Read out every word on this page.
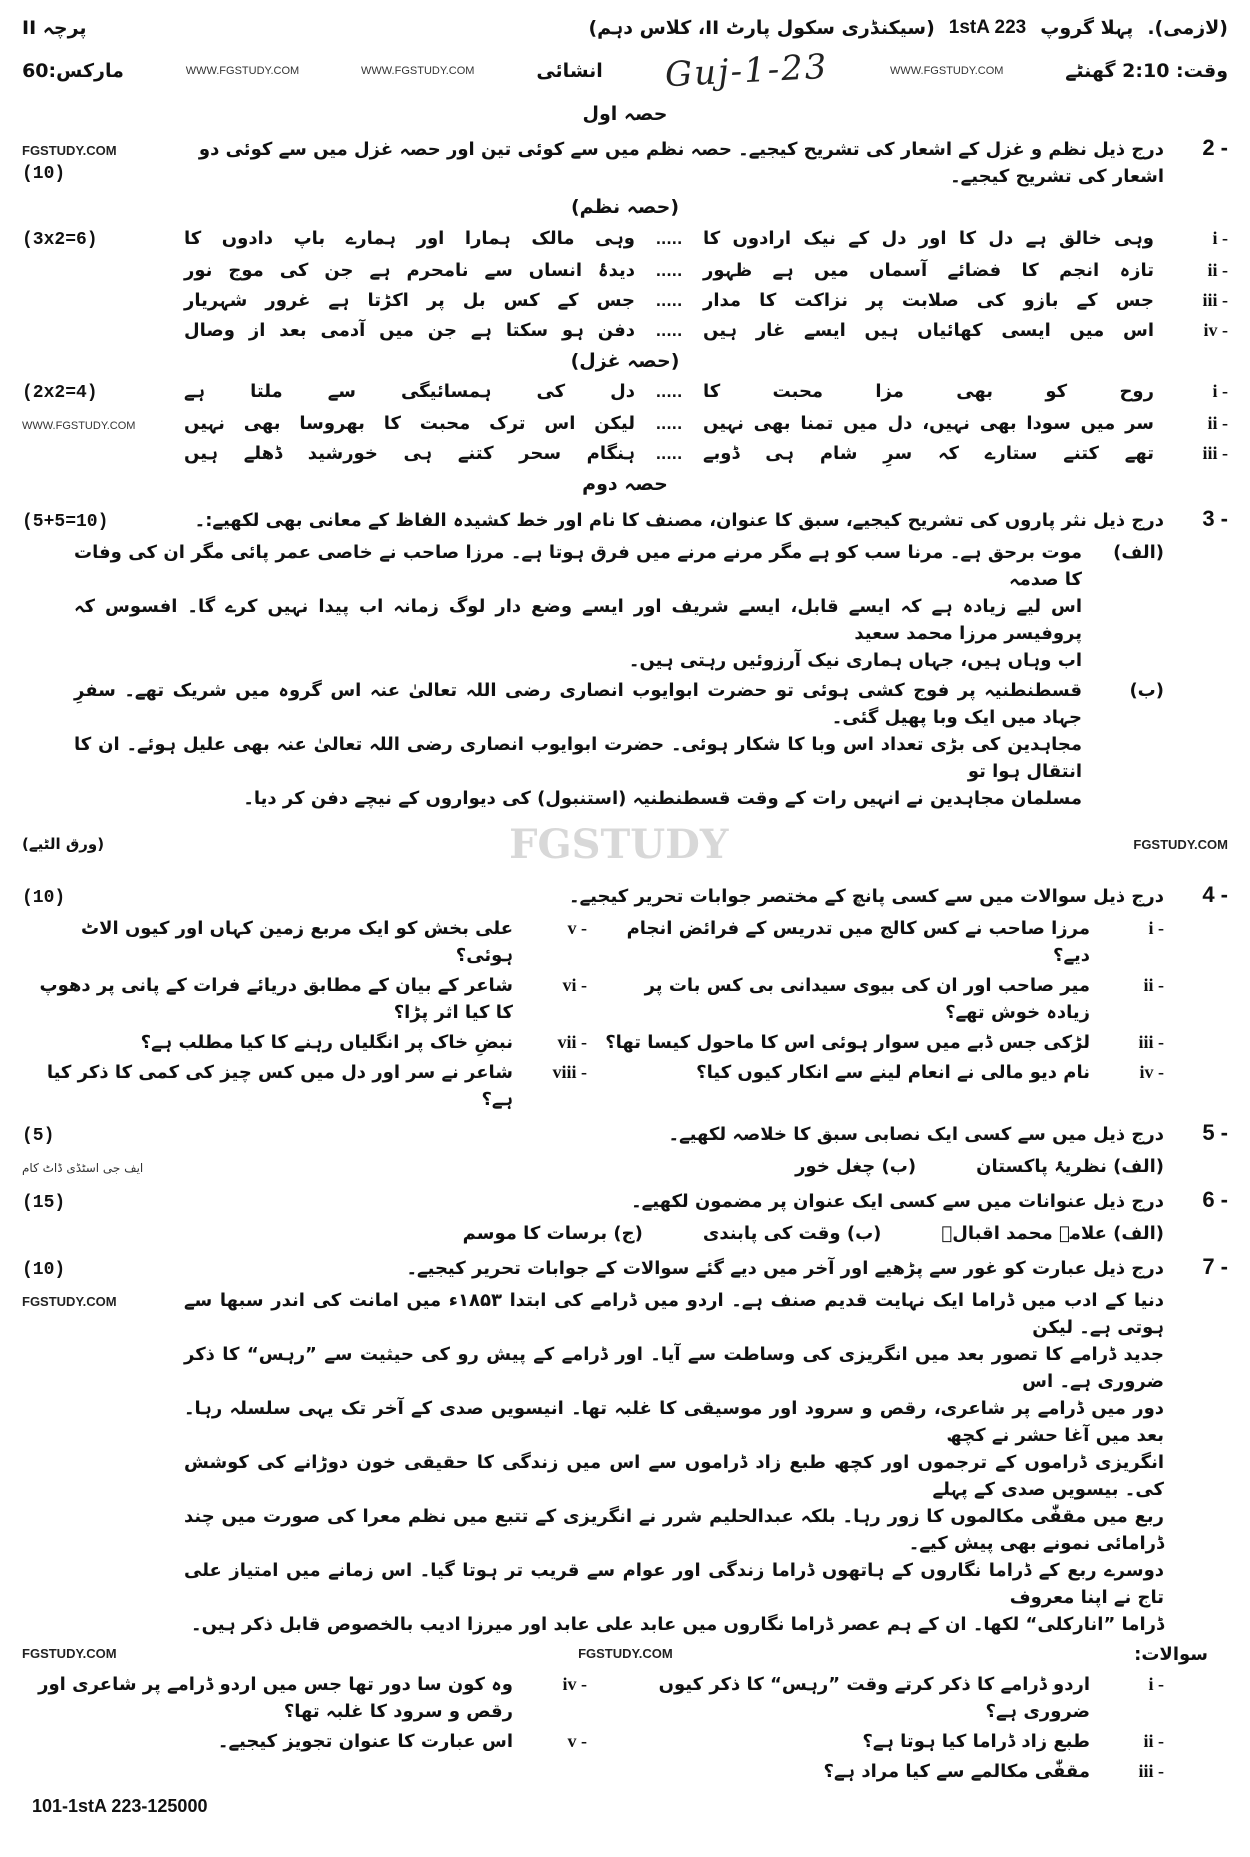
(لازمی).
پہلا گروپ
1stA 223
(سیکنڈری سکول پارٹ II، کلاس دہم)
پرچہ II
وقت: 2:10 گھنٹے
WWW.FGSTUDY.COM
Guj-1-23
انشائی
WWW.FGSTUDY.COM
WWW.FGSTUDY.COM
مارکس:60
حصہ اول
2 -
درج ذیل نظم و غزل کے اشعار کی تشریح کیجیے۔ حصہ نظم میں سے کوئی تین اور حصہ غزل میں سے کوئی دو اشعار کی تشریح کیجیے۔
FGSTUDY.COM
(10)
(حصہ نظم)
i -
وہی خالق ہے دل کا اور دل کے نیک ارادوں کا
.....
وہی مالک ہمارا اور ہمارے باپ دادوں کا
(3x2=6)
ii -
تازہ انجم کا فضائے آسماں میں ہے ظہور
.....
دیدۂ انساں سے نامحرم ہے جن کی موج نور
iii -
جس کے بازو کی صلابت پر نزاکت کا مدار
.....
جس کے کس بل پر اکڑتا ہے غرور شہریار
iv -
اس میں ایسی کھائیاں ہیں ایسے غار ہیں
.....
دفن ہو سکتا ہے جن میں آدمی بعد از وصال
(حصہ غزل)
i -
روح کو بھی مزا محبت کا
.....
دل کی ہمسائیگی سے ملتا ہے
(2x2=4)
ii -
سر میں سودا بھی نہیں، دل میں تمنا بھی نہیں
.....
لیکن اس ترک محبت کا بھروسا بھی نہیں
WWW.FGSTUDY.COM
iii -
تھے کتنے ستارے کہ سرِ شام ہی ڈوبے
.....
ہنگام سحر کتنے ہی خورشید ڈھلے ہیں
حصہ دوم
3 -
درج ذیل نثر پاروں کی تشریح کیجیے، سبق کا عنوان، مصنف کا نام اور خط کشیدہ الفاظ کے معانی بھی لکھیے:۔
(5+5=10)
(الف)
موت برحق ہے۔ مرنا سب کو ہے مگر مرنے مرنے میں فرق ہوتا ہے۔ مرزا صاحب نے خاصی عمر پائی مگر ان کی وفات کا صدمہ
اس لیے زیادہ ہے کہ ایسے قابل، ایسے شریف اور ایسے وضع دار لوگ زمانہ اب پیدا نہیں کرے گا۔ افسوس کہ پروفیسر مرزا محمد سعید
اب وہاں ہیں، جہاں ہماری نیک آرزوئیں رہتی ہیں۔
(ب)
قسطنطنیہ پر فوج کشی ہوئی تو حضرت ابوایوب انصاری رضی اللہ تعالیٰ عنہ اس گروہ میں شریک تھے۔ سفرِ جہاد میں ایک وبا پھیل گئی۔
مجاہدین کی بڑی تعداد اس وبا کا شکار ہوئی۔ حضرت ابوایوب انصاری رضی اللہ تعالیٰ عنہ بھی علیل ہوئے۔ ان کا انتقال ہوا تو
مسلمان مجاہدین نے انہیں رات کے وقت قسطنطنیہ (استنبول) کی دیواروں کے نیچے دفن کر دیا۔
FGSTUDY.COM
FGSTUDY
(ورق الٹیے)
4 -
درج ذیل سوالات میں سے کسی پانچ کے مختصر جوابات تحریر کیجیے۔
(10)
i -
مرزا صاحب نے کس کالج میں تدریس کے فرائض انجام دیے؟
v -
علی بخش کو ایک مربع زمین کہاں اور کیوں الاٹ ہوئی؟
ii -
میر صاحب اور ان کی بیوی سیدانی بی کس بات پر زیادہ خوش تھے؟
vi -
شاعر کے بیان کے مطابق دریائے فرات کے پانی پر دھوپ کا کیا اثر پڑا؟
iii -
لڑکی جس ڈبے میں سوار ہوئی اس کا ماحول کیسا تھا؟
vii -
نبضِ خاک پر انگلیاں رہنے کا کیا مطلب ہے؟
iv -
نام دیو مالی نے انعام لینے سے انکار کیوں کیا؟
viii -
شاعر نے سر اور دل میں کس چیز کی کمی کا ذکر کیا ہے؟
5 -
درج ذیل میں سے کسی ایک نصابی سبق کا خلاصہ لکھیے۔
(5)
(الف) نظریۂ پاکستان
(ب) چغل خور
ایف جی اسٹڈی ڈاٹ کام
6 -
درج ذیل عنوانات میں سے کسی ایک عنوان پر مضمون لکھیے۔
(15)
(الف) علامہ محمد اقبالؒ
(ب) وقت کی پابندی
(ج) برسات کا موسم
7 -
درج ذیل عبارت کو غور سے پڑھیے اور آخر میں دیے گئے سوالات کے جوابات تحریر کیجیے۔
(10)
دنیا کے ادب میں ڈراما ایک نہایت قدیم صنف ہے۔ اردو میں ڈرامے کی ابتدا ۱۸۵۳ء میں امانت کی اندر سبھا سے ہوتی ہے۔ لیکن
جدید ڈرامے کا تصور بعد میں انگریزی کی وساطت سے آیا۔ اور ڈرامے کے پیش رو کی حیثیت سے ”رہس“ کا ذکر ضروری ہے۔ اس
دور میں ڈرامے پر شاعری، رقص و سرود اور موسیقی کا غلبہ تھا۔ انیسویں صدی کے آخر تک یہی سلسلہ رہا۔ بعد میں آغا حشر نے کچھ
انگریزی ڈراموں کے ترجموں اور کچھ طبع زاد ڈراموں سے اس میں زندگی کا حقیقی خون دوڑانے کی کوشش کی۔ بیسویں صدی کے پہلے
ربع میں مقفّٰی مکالموں کا زور رہا۔ بلکہ عبدالحلیم شرر نے انگریزی کے تتبع میں نظم معرا کی صورت میں چند ڈرامائی نمونے بھی پیش کیے۔
دوسرے ربع کے ڈراما نگاروں کے ہاتھوں ڈراما زندگی اور عوام سے قریب تر ہوتا گیا۔ اس زمانے میں امتیاز علی تاج نے اپنا معروف
ڈراما ”انارکلی“ لکھا۔ ان کے ہم عصر ڈراما نگاروں میں عابد علی عابد اور میرزا ادیب بالخصوص قابل ذکر ہیں۔
FGSTUDY.COM
سوالات:
FGSTUDY.COM
FGSTUDY.COM
i -
اردو ڈرامے کا ذکر کرتے وقت ”رہس“ کا ذکر کیوں ضروری ہے؟
iv -
وہ کون سا دور تھا جس میں اردو ڈرامے پر شاعری اور رقص و سرود کا غلبہ تھا؟
ii -
طبع زاد ڈراما کیا ہوتا ہے؟
v -
اس عبارت کا عنوان تجویز کیجیے۔
iii -
مقفّٰی مکالمے سے کیا مراد ہے؟
101-1stA 223-125000
